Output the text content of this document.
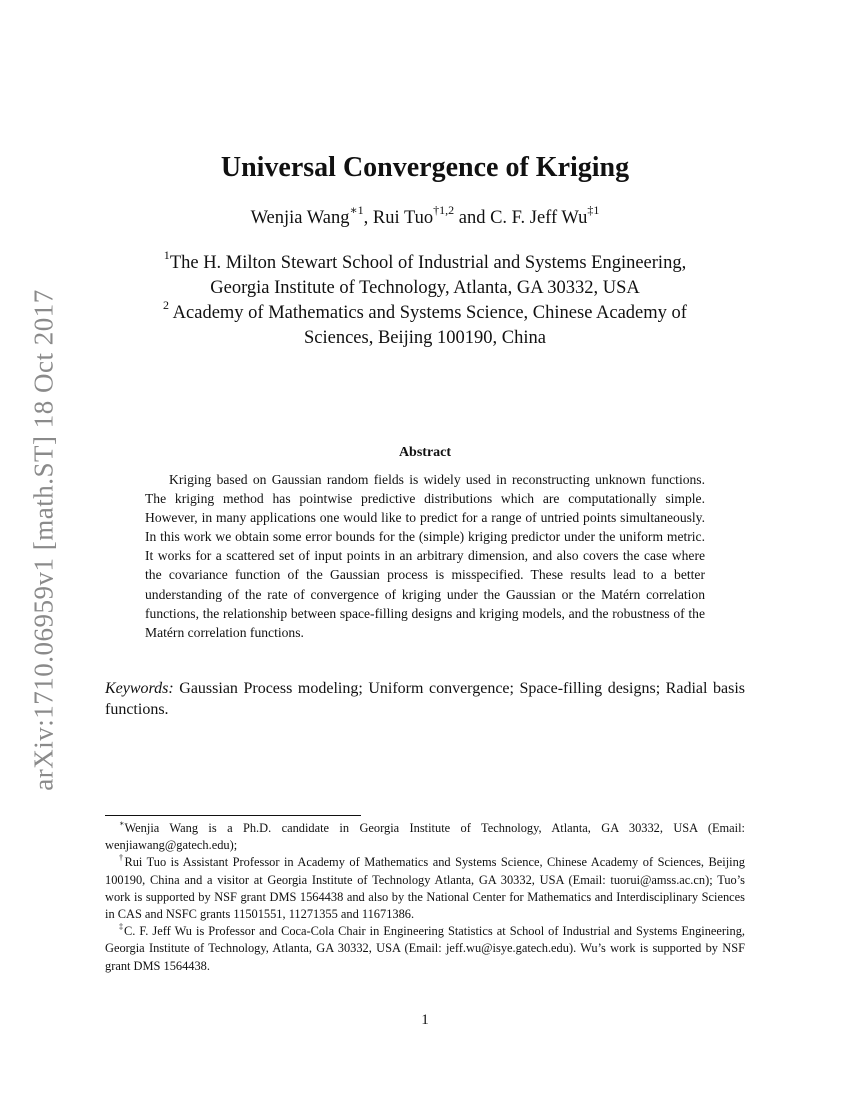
arXiv:1710.06959v1 [math.ST] 18 Oct 2017
Universal Convergence of Kriging
Wenjia Wang$^{∗1}$, Rui Tuo$^{\dagger 1,2}$ and C. F. Jeff Wu$^{\ddagger 1}$
$^1$The H. Milton Stewart School of Industrial and Systems Engineering,
Georgia Institute of Technology, Atlanta, GA 30332, USA
$^2$ Academy of Mathematics and Systems Science, Chinese Academy of
Sciences, Beijing 100190, China
Abstract

Kriging based on Gaussian random fields is widely used in reconstructing unknown functions. The kriging method has pointwise predictive distributions which are computationally simple. However, in many applications one would like to predict for a range of untried points simultaneously. In this work we obtain some error bounds for the (simple) kriging predictor under the uniform metric. It works for a scattered set of input points in an arbitrary dimension, and also covers the case where the covariance function of the Gaussian process is misspecified. These results lead to a better understanding of the rate of convergence of kriging under the Gaussian or the Matérn correlation functions, the relationship between space-filling designs and kriging models, and the robustness of the Matérn correlation functions.

Keywords: Gaussian Process modeling; Uniform convergence; Space-filling designs; Radial basis functions.

∗Wenjia Wang is a Ph.D. candidate in Georgia Institute of Technology, Atlanta, GA 30332, USA (Email: wenjiawang@gatech.edu);

†Rui Tuo is Assistant Professor in Academy of Mathematics and Systems Science, Chinese Academy of Sciences, Beijing 100190, China and a visitor at Georgia Institute of Technology Atlanta, GA 30332, USA (Email: tuorui@amss.ac.cn); Tuo’s work is supported by NSF grant DMS 1564438 and also by the National Center for Mathematics and Interdisciplinary Sciences in CAS and NSFC grants 11501551, 11271355 and 11671386.

‡C. F. Jeff Wu is Professor and Coca-Cola Chair in Engineering Statistics at School of Industrial and Systems Engineering, Georgia Institute of Technology, Atlanta, GA 30332, USA (Email: jeff.wu@isye.gatech.edu). Wu’s work is supported by NSF grant DMS 1564438.

1
